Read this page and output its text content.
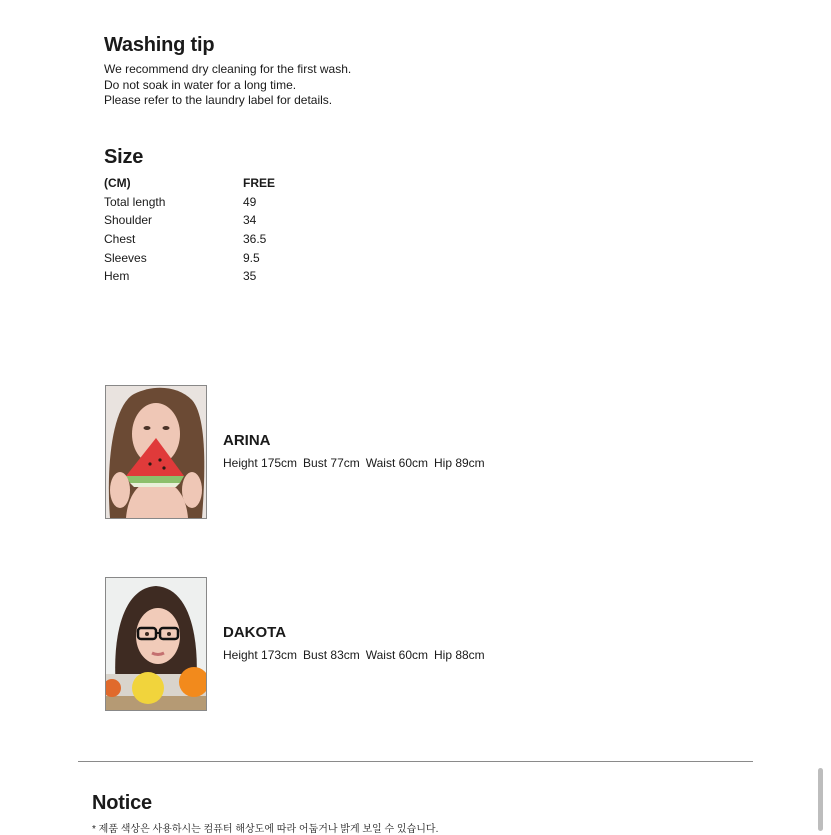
Washing tip
We recommend dry cleaning for the first wash.
Do not soak in water for a long time.
Please refer to the laundry label for details.
Size
(CM)	FREE
Total length	49
Shoulder	34
Chest	36.5
Sleeves	9.5
Hem	35
ARINA
Height 175cm Bust 77cm Waist 60cm Hip 89cm
DAKOTA
Height 173cm Bust 83cm Waist 60cm Hip 88cm
Notice
* 제품 색상은 사용하시는 컴퓨터 해상도에 따라 어둡거나 밝게 보일 수 있습니다.
